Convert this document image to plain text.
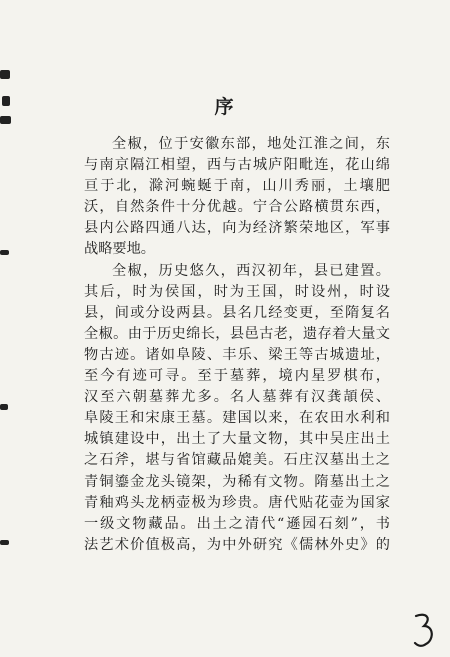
序
全椒，位于安徽东部，地处江淮之间，东
与南京隔江相望，西与古城庐阳毗连，花山绵
亘于北，滁河蜿蜒于南，山川秀丽，土壤肥
沃，自然条件十分优越。宁合公路横贯东西，
县内公路四通八达，向为经济繁荣地区，军事
战略要地。
全椒，历史悠久，西汉初年，县已建置。
其后，时为侯国，时为王国，时设州，时设
县，间或分设两县。县名几经变更，至隋复名
全椒。由于历史绵长，县邑古老，遗存着大量文
物古迹。诸如阜陵、丰乐、梁王等古城遗址，
至今有迹可寻。至于墓葬，境内星罗棋布，
汉至六朝墓葬尤多。名人墓葬有汉龚頡侯、
阜陵王和宋康王墓。建国以来，在农田水利和
城镇建设中，出土了大量文物，其中吴庄出土
之石斧，堪与省馆藏品媲美。石庄汉墓出土之
青铜鎏金龙头镜架，为稀有文物。隋墓出土之
青釉鸡头龙柄壶极为珍贵。唐代贴花壶为国家
一级文物藏品。出土之清代“遜园石刻”，书
法艺术价值极高，为中外研究《儒林外史》的
